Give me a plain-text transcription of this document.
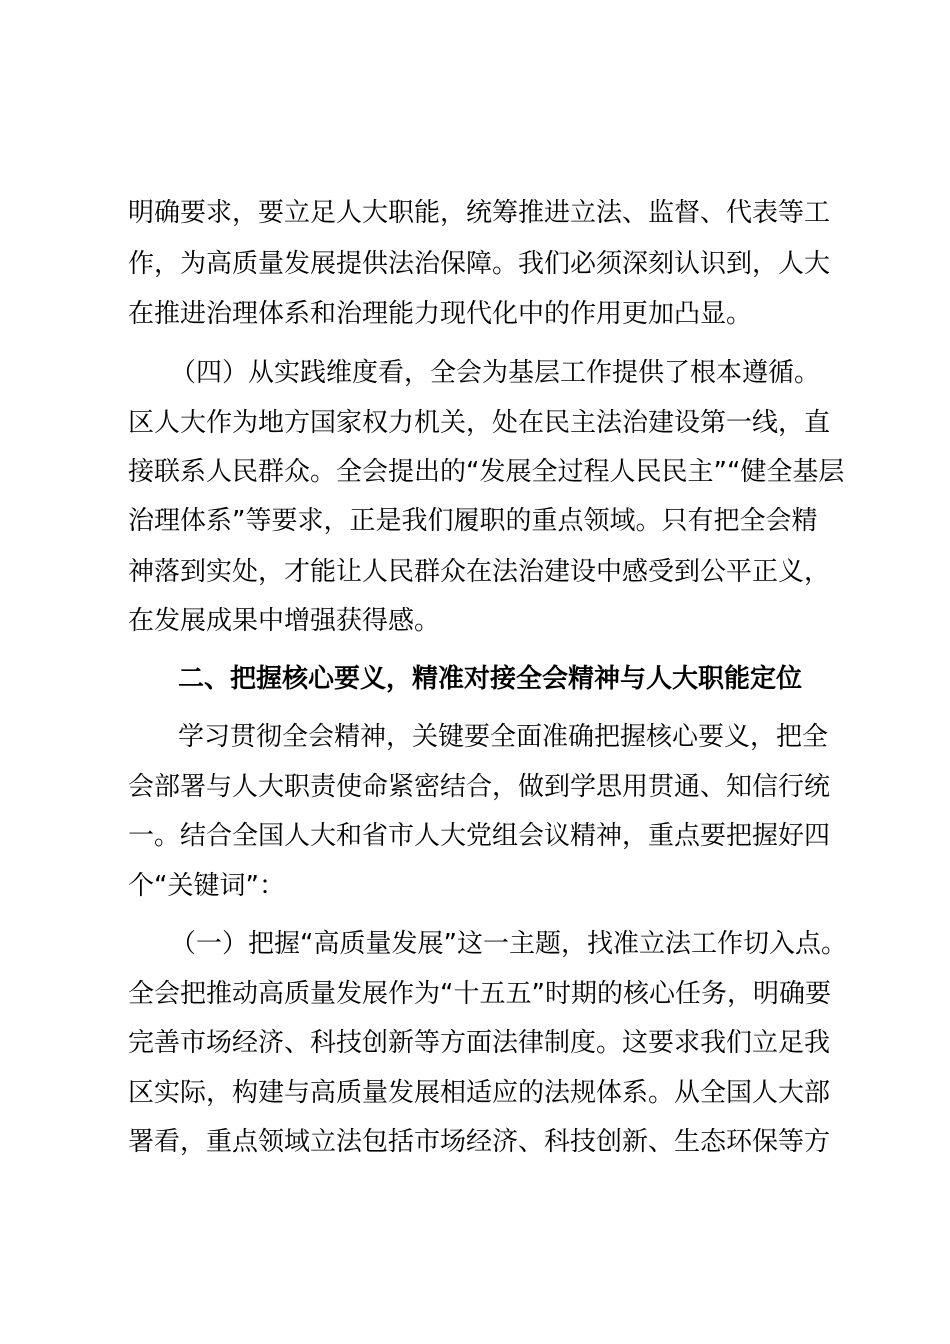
明确要求，要立足人大职能，统筹推进立法、监督、代表等工
作，为高质量发展提供法治保障。我们必须深刻认识到，人大
在推进治理体系和治理能力现代化中的作用更加凸显。
（四）从实践维度看，全会为基层工作提供了根本遵循。
区人大作为地方国家权力机关，处在民主法治建设第一线，直
接联系人民群众。全会提出的“发展全过程人民民主”“健全基层
治理体系”等要求，正是我们履职的重点领域。只有把全会精
神落到实处，才能让人民群众在法治建设中感受到公平正义，
在发展成果中增强获得感。
二、把握核心要义，精准对接全会精神与人大职能定位
学习贯彻全会精神，关键要全面准确把握核心要义，把全
会部署与人大职责使命紧密结合，做到学思用贯通、知信行统
一。结合全国人大和省市人大党组会议精神，重点要把握好四
个“关键词”：
（一）把握“高质量发展”这一主题，找准立法工作切入点。
全会把推动高质量发展作为“十五五”时期的核心任务，明确要
完善市场经济、科技创新等方面法律制度。这要求我们立足我
区实际，构建与高质量发展相适应的法规体系。从全国人大部
署看，重点领域立法包括市场经济、科技创新、生态环保等方
